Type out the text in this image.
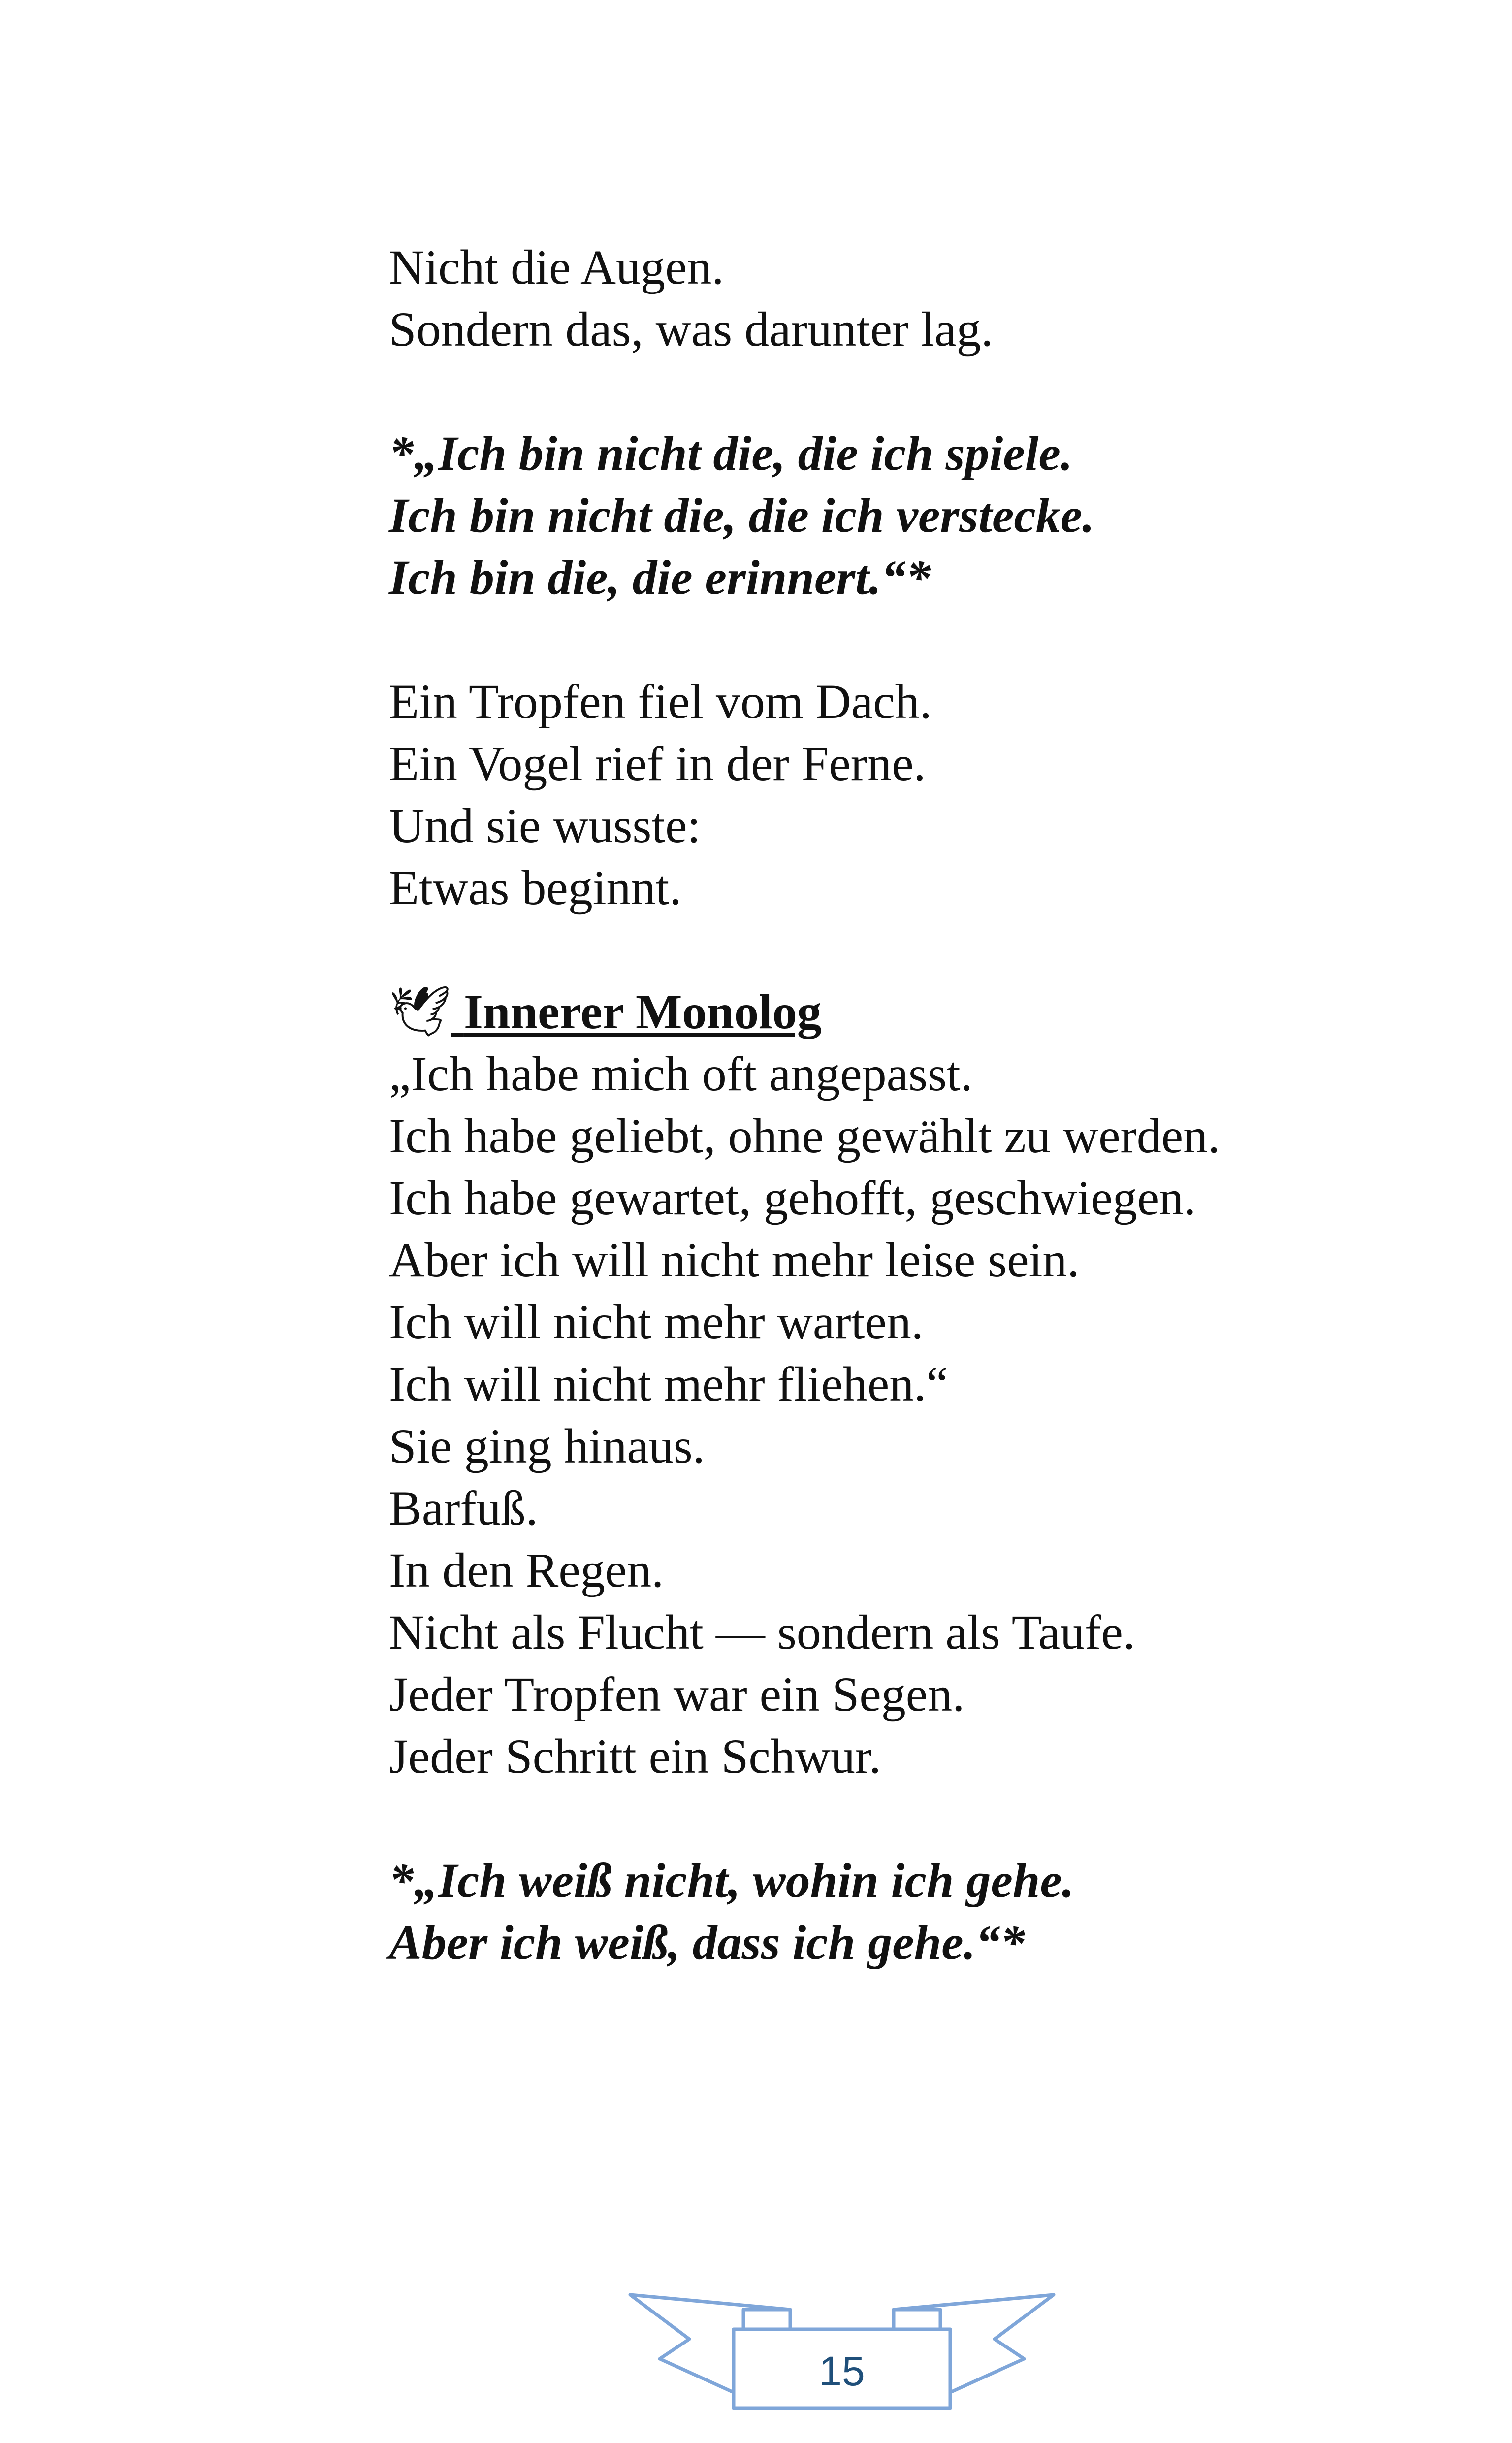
Nicht die Augen.
Sondern das, was darunter lag.
*„Ich bin nicht die, die ich spiele.
Ich bin nicht die, die ich verstecke.
Ich bin die, die erinnert.“*
Ein Tropfen fiel vom Dach.
Ein Vogel rief in der Ferne.
Und sie wusste:
Etwas beginnt.
🕊 Innerer Monolog
„Ich habe mich oft angepasst.
Ich habe geliebt, ohne gewählt zu werden.
Ich habe gewartet, gehofft, geschwiegen.
Aber ich will nicht mehr leise sein.
Ich will nicht mehr warten.
Ich will nicht mehr fliehen.“
Sie ging hinaus.
Barfuß.
In den Regen.
Nicht als Flucht — sondern als Taufe.
Jeder Tropfen war ein Segen.
Jeder Schritt ein Schwur.
*„Ich weiß nicht, wohin ich gehe.
Aber ich weiß, dass ich gehe.“*
15
